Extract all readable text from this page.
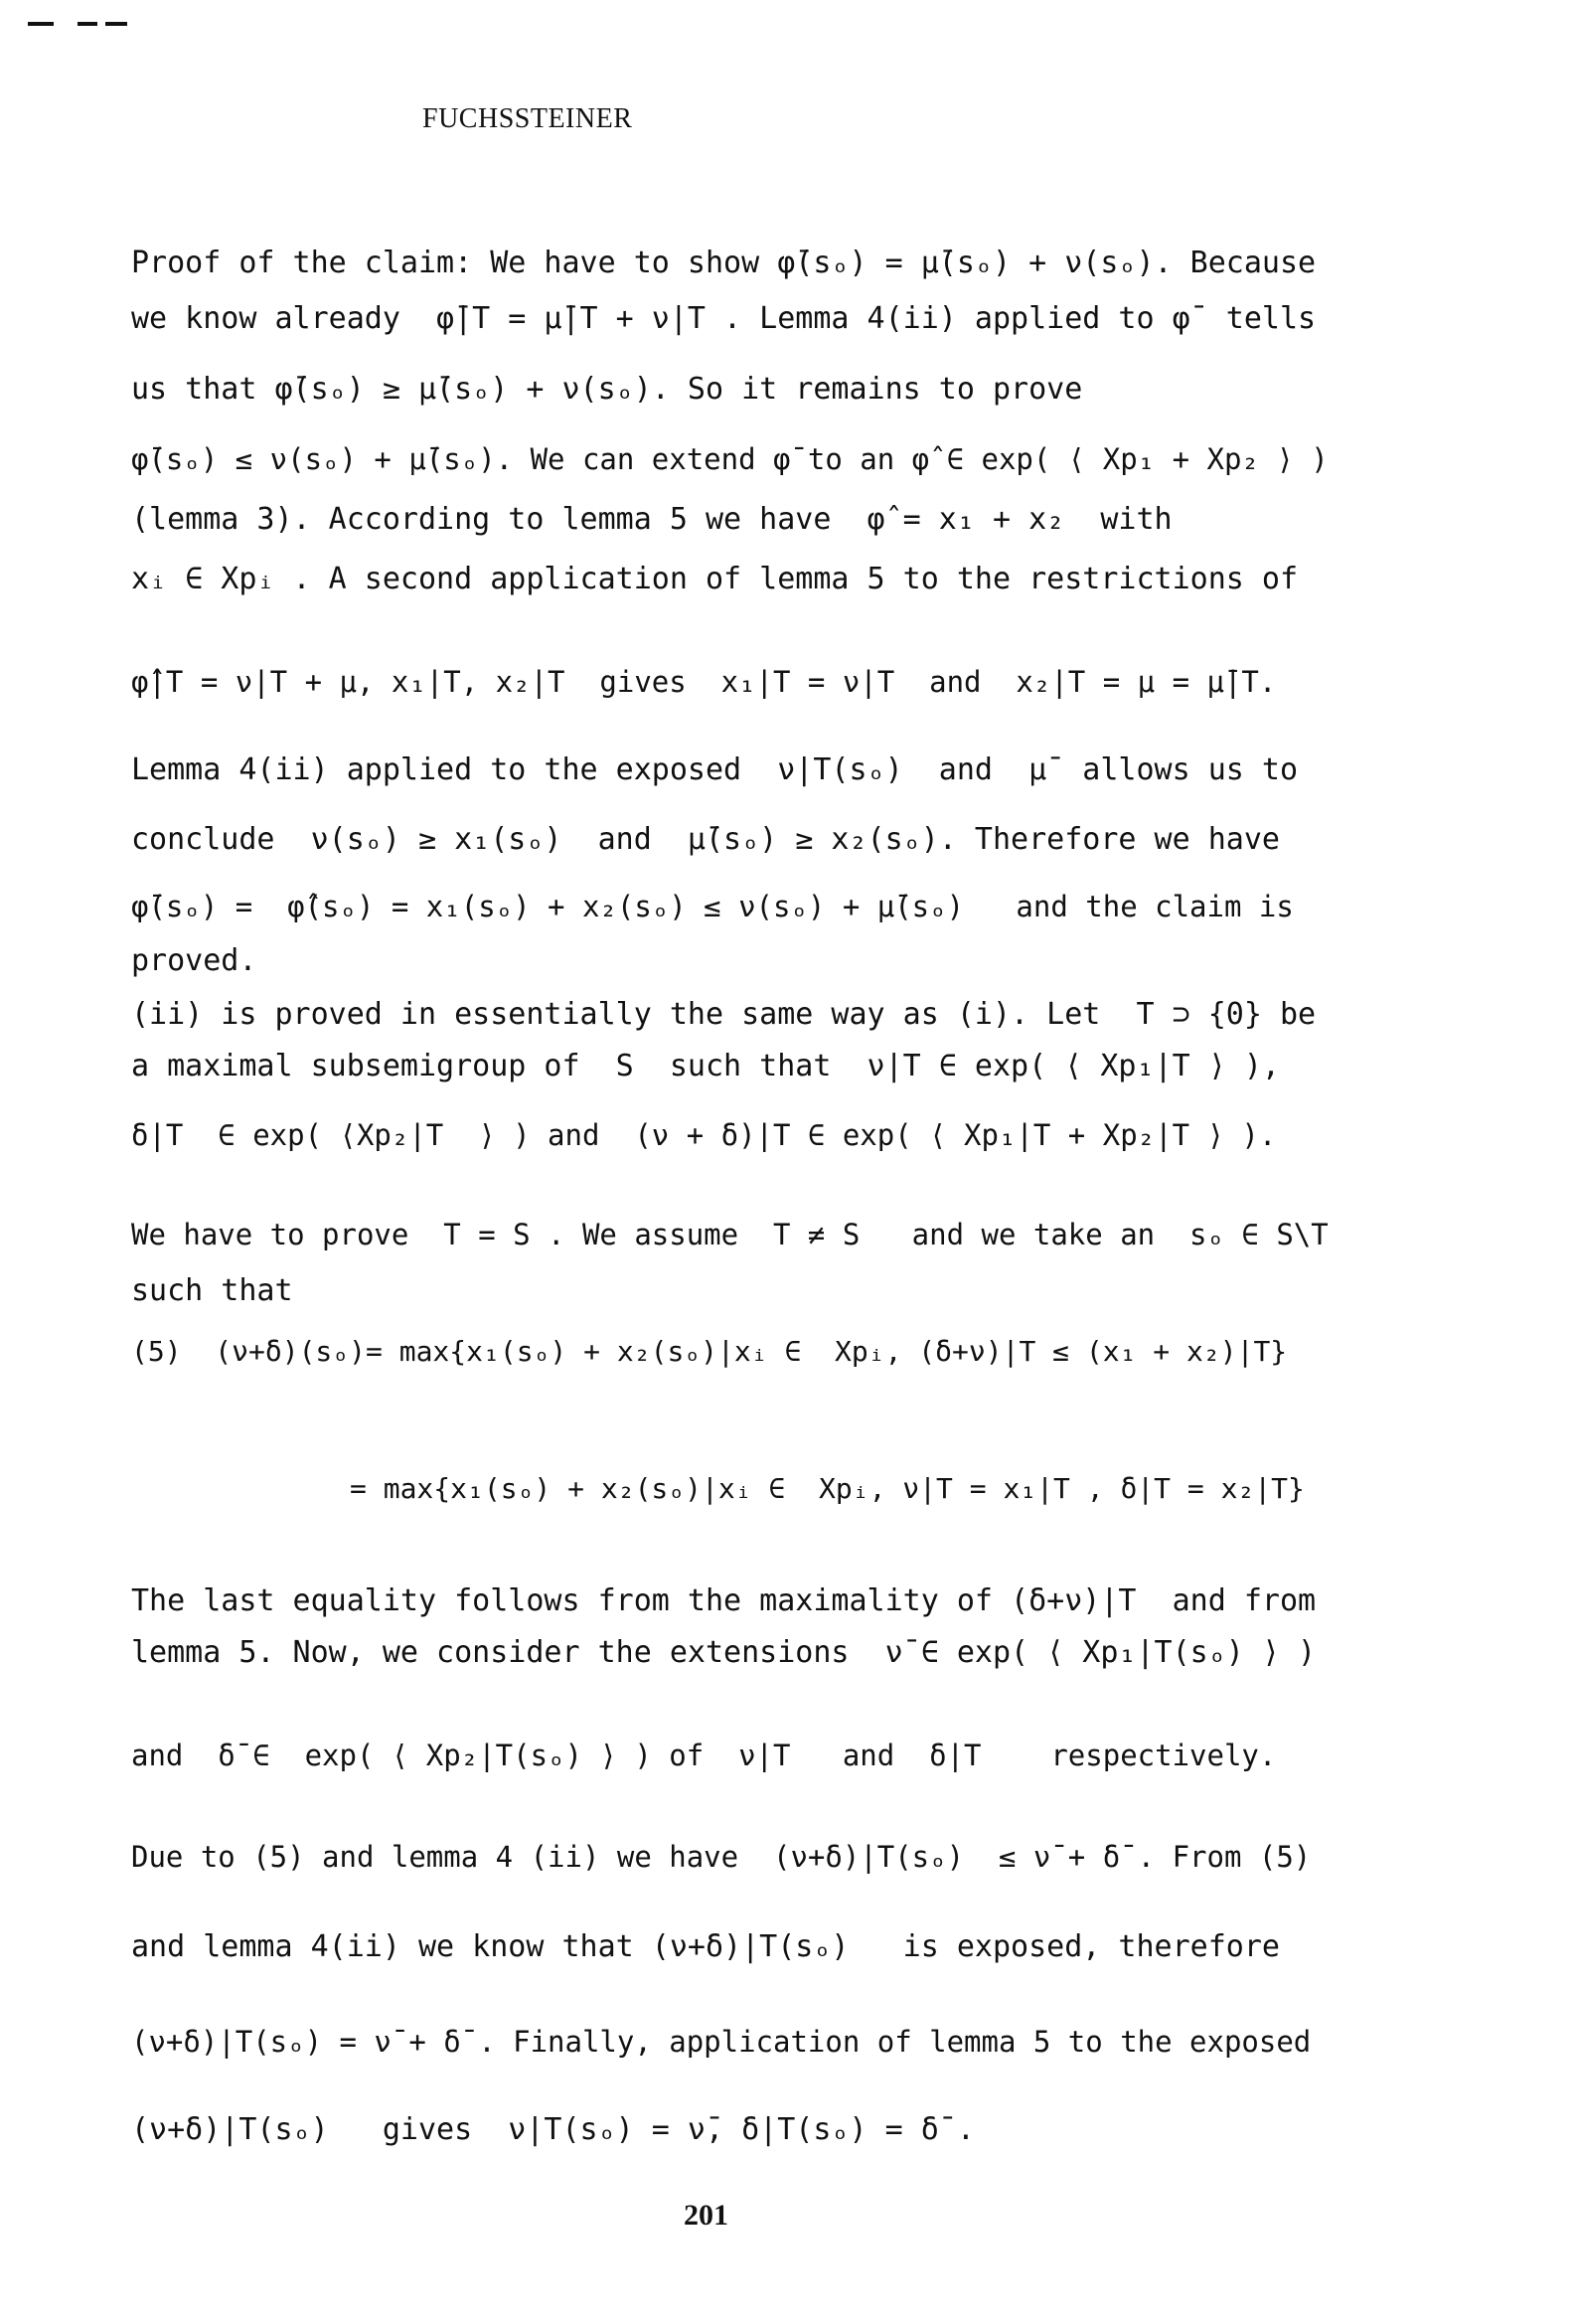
FUCHSSTEINER
Proof of the claim: We have to show φ̄(sₒ) = μ̄(sₒ) + ν(sₒ). Because
we know already  φ̄|T = μ̄|T + ν|T . Lemma 4(ii) applied to φ̄  tells
us that φ̄(sₒ) ≥ μ̄(sₒ) + ν(sₒ). So it remains to prove
φ̄(sₒ) ≤ ν(sₒ) + μ̄(sₒ). We can extend φ̄ to an φ̂ ∈ exp( ⟨ Xp₁ + Xp₂ ⟩ )
(lemma 3). According to lemma 5 we have  φ̂ = x₁ + x₂  with
xᵢ ∈ Xpᵢ . A second application of lemma 5 to the restrictions of
φ̂|T = ν|T + μ, x₁|T, x₂|T  gives  x₁|T = ν|T  and  x₂|T = μ = μ̄|T.
Lemma 4(ii) applied to the exposed  ν|T(sₒ)  and  μ̄  allows us to
conclude  ν(sₒ) ≥ x₁(sₒ)  and  μ̄(sₒ) ≥ x₂(sₒ). Therefore we have
φ̄(sₒ) =  φ̂(sₒ) = x₁(sₒ) + x₂(sₒ) ≤ ν(sₒ) + μ̄(sₒ)   and the claim is
proved.
(ii) is proved in essentially the same way as (i). Let  T ⊃ {0} be
a maximal subsemigroup of  S  such that  ν|T ∈ exp( ⟨ Xp₁|T ⟩ ),
δ|T  ∈ exp( ⟨Xp₂|T  ⟩ ) and  (ν + δ)|T ∈ exp( ⟨ Xp₁|T + Xp₂|T ⟩ ).
We have to prove  T = S . We assume  T ≠ S   and we take an  sₒ ∈ S\T
such that
(5)  (ν+δ)(sₒ)= max{x₁(sₒ) + x₂(sₒ)|xᵢ ∈  Xpᵢ, (δ+ν)|T ≤ (x₁ + x₂)|T}
= max{x₁(sₒ) + x₂(sₒ)|xᵢ ∈  Xpᵢ, ν|T = x₁|T , δ|T = x₂|T}
The last equality follows from the maximality of (δ+ν)|T  and from
lemma 5. Now, we consider the extensions  ν̄ ∈ exp( ⟨ Xp₁|T(sₒ) ⟩ )
and  δ̄ ∈  exp( ⟨ Xp₂|T(sₒ) ⟩ ) of  ν|T   and  δ|T    respectively.
Due to (5) and lemma 4 (ii) we have  (ν+δ)|T(sₒ)  ≤ ν̄ + δ̄ . From (5)
and lemma 4(ii) we know that (ν+δ)|T(sₒ)   is exposed, therefore
(ν+δ)|T(sₒ) = ν̄ + δ̄ . Finally, application of lemma 5 to the exposed
(ν+δ)|T(sₒ)   gives  ν|T(sₒ) = ν̄, δ|T(sₒ) = δ̄ .
201
